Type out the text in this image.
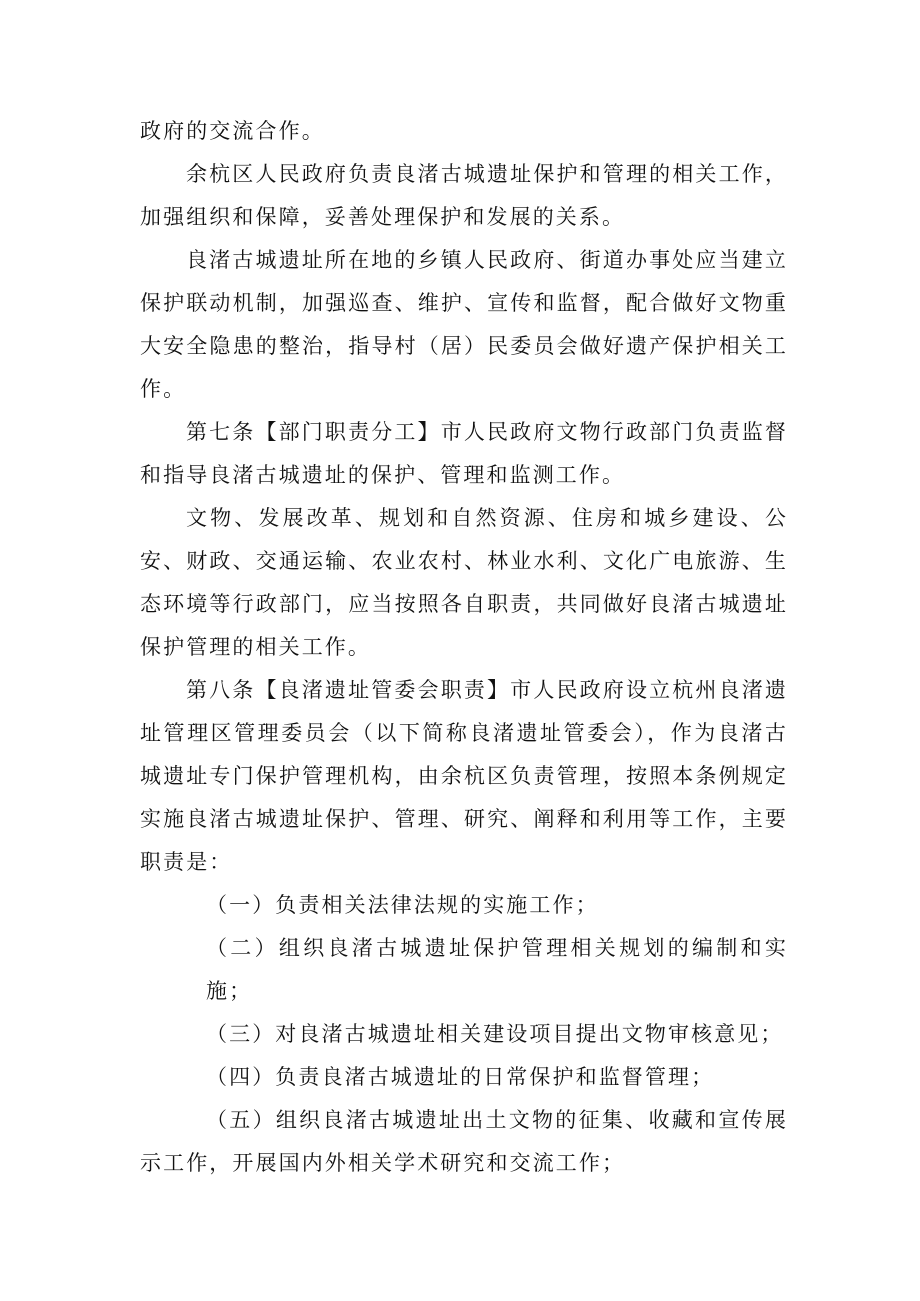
政府的交流合作。

余杭区人民政府负责良渚古城遗址保护和管理的相关工作，加强组织和保障，妥善处理保护和发展的关系。

良渚古城遗址所在地的乡镇人民政府、街道办事处应当建立保护联动机制，加强巡查、维护、宣传和监督，配合做好文物重大安全隐患的整治，指导村（居）民委员会做好遗产保护相关工作。

第七条【部门职责分工】市人民政府文物行政部门负责监督和指导良渚古城遗址的保护、管理和监测工作。

文物、发展改革、规划和自然资源、住房和城乡建设、公安、财政、交通运输、农业农村、林业水利、文化广电旅游、生态环境等行政部门，应当按照各自职责，共同做好良渚古城遗址保护管理的相关工作。

第八条【良渚遗址管委会职责】市人民政府设立杭州良渚遗址管理区管理委员会（以下简称良渚遗址管委会），作为良渚古城遗址专门保护管理机构，由余杭区负责管理，按照本条例规定实施良渚古城遗址保护、管理、研究、阐释和利用等工作，主要职责是：

（一）负责相关法律法规的实施工作；

（二）组织良渚古城遗址保护管理相关规划的编制和实施；

（三）对良渚古城遗址相关建设项目提出文物审核意见；

（四）负责良渚古城遗址的日常保护和监督管理；

（五）组织良渚古城遗址出土文物的征集、收藏和宣传展示工作，开展国内外相关学术研究和交流工作；
